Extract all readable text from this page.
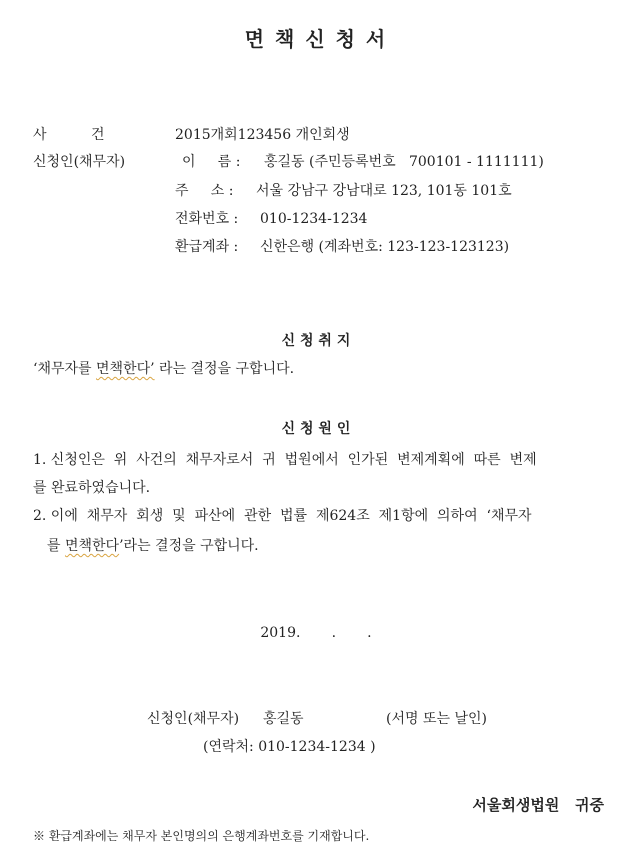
면 책 신 청 서
사          건	2015개회123456 개인회생
신청인(채무자)	이     름 : 홍길동 (주민등록번호   700101 - 1111111)
주     소 : 서울 강남구 강남대로 123, 101동 101호
전화번호 : 010-1234-1234
환급계좌 : 신한은행 (계좌번호: 123-123-123123)
신 청 취 지
‘채무자를 면책한다’ 라는 결정을 구합니다.
신 청 원 인
1. 신청인은  위  사건의  채무자로서  귀  법원에서  인가된  변제계획에  따른  변제
를 완료하였습니다.
2. 이에  채무자  회생  및  파산에  관한  법률  제624조  제1항에  의하여  ‘채무자
를 면책한다’라는 결정을 구합니다.
2019.       .       .
신청인(채무자) 홍길동	(서명 또는 날인)
(연락처: 010-1234-1234 )
서울회생법원   귀중
※ 환급계좌에는 채무자 본인명의의 은행계좌번호를 기재합니다.
